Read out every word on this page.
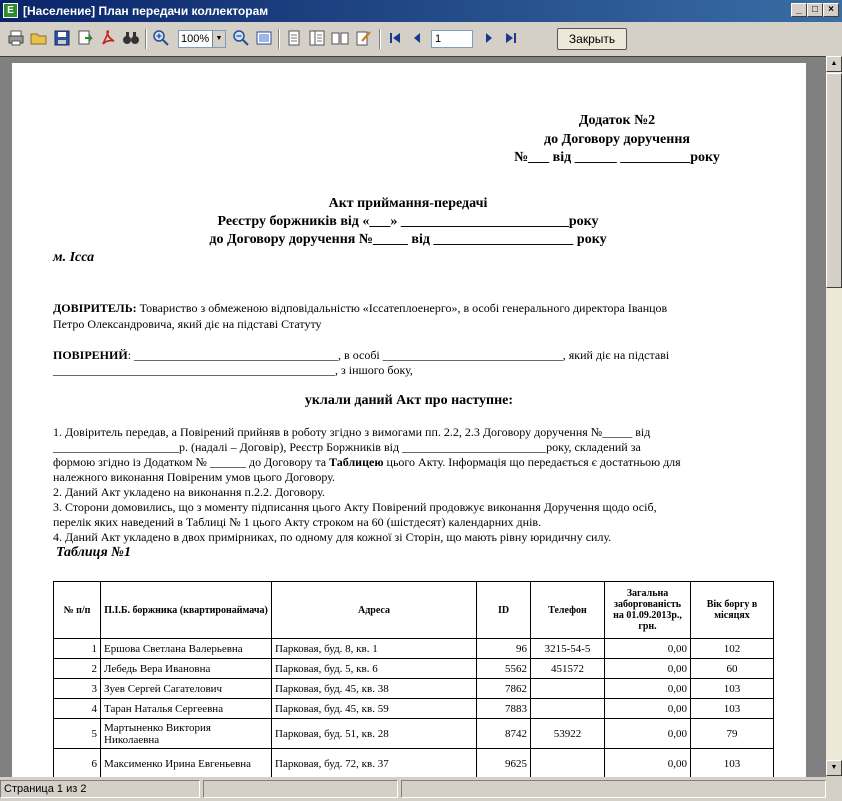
E [Население] План передачи коллекторам	_	□	×
100% ▼	1	Закрыть
Додаток №2
до Договору доручення
№___ від ______ __________року
Акт приймання-передачі
Реєстру боржників від «___» ________________________року
до Договору доручення №_____ від ____________________ року
м. Ісса
ДОВІРИТЕЛЬ: Товариство з обмеженою відповідальністю «Іссатеплоенерго», в особі генерального директора Іванцов
Петро Олександровича, який діє на підставі Статуту
ПОВІРЕНИЙ: __________________________________, в особі ______________________________, який діє на підставі
_______________________________________________, з іншого боку,
уклали даний Акт про наступне:
1. Довіритель передав, а Повірений прийняв в роботу згідно з вимогами пп. 2.2, 2.3 Договору доручення №_____ від
_____________________р. (надалі – Договір), Реєстр Боржників від ________________________року, складений за
формою згідно із Додатком № ______ до Договору та Таблицею цього Акту. Інформація що передається є достатньою для
належного виконання Повіреним умов цього Договору.
2. Даний Акт укладено на виконання п.2.2. Договору.
3. Сторони домовились, що з моменту підписання цього Акту Повірений продовжує виконання Доручення щодо осіб,
перелік яких наведений в Таблиці № 1 цього Акту строком на 60 (шістдесят) календарних днів.
4. Даний Акт укладено в двох примірниках, по одному для кожної зі Сторін, що мають рівну юридичну силу.
Таблиця №1
№ п/п	П.І.Б. боржника (квартиронаймача)	Адреса	ID	Телефон	Загальна заборгованість на 01.09.2013р., грн.	Вік боргу в місяцях
1	Ершова Светлана Валерьевна	Парковая, буд. 8, кв. 1	96	3215-54-5	0,00	102
2	Лебедь Вера Ивановна	Парковая, буд. 5, кв. 6	5562	451572	0,00	60
3	Зуев Сергей Сагателович	Парковая, буд. 45, кв. 38	7862		0,00	103
4	Таран Наталья Сергеевна	Парковая, буд. 45, кв. 59	7883		0,00	103
5	Мартыненко Виктория Николаевна	Парковая, буд. 51, кв. 28	8742	53922	0,00	79
6	Максименко Ирина Евгеньевна	Парковая, буд. 72, кв. 37	9625		0,00	103
▲
▼
Страница 1 из 2
